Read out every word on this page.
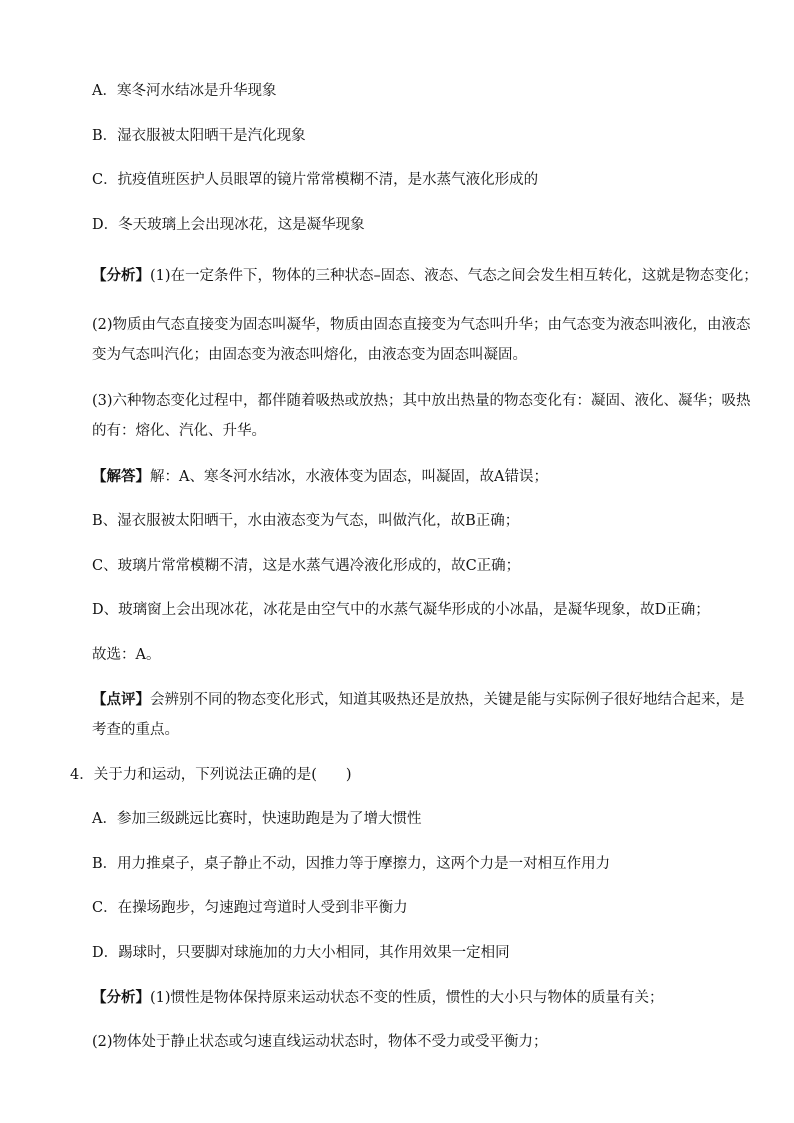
A．寒冬河水结冰是升华现象
B．湿衣服被太阳晒干是汽化现象
C．抗疫值班医护人员眼罩的镜片常常模糊不清，是水蒸气液化形成的
D．冬天玻璃上会出现冰花，这是凝华现象
【分析】(1)在一定条件下，物体的三种状态–固态、液态、气态之间会发生相互转化，这就是物态变化；
(2)物质由气态直接变为固态叫凝华，物质由固态直接变为气态叫升华；由气态变为液态叫液化，由液态
变为气态叫汽化；由固态变为液态叫熔化，由液态变为固态叫凝固。
(3)六种物态变化过程中，都伴随着吸热或放热；其中放出热量的物态变化有：凝固、液化、凝华；吸热
的有：熔化、汽化、升华。
【解答】解：A、寒冬河水结冰，水液体变为固态，叫凝固，故A错误；
B、湿衣服被太阳晒干，水由液态变为气态，叫做汽化，故B正确；
C、玻璃片常常模糊不清，这是水蒸气遇冷液化形成的，故C正确；
D、玻璃窗上会出现冰花，冰花是由空气中的水蒸气凝华形成的小冰晶，是凝华现象，故D正确；
故选：A。
【点评】会辨别不同的物态变化形式，知道其吸热还是放热，关键是能与实际例子很好地结合起来，是
考查的重点。
4．关于力和运动，下列说法正确的是(　　)
A．参加三级跳远比赛时，快速助跑是为了增大惯性
B．用力推桌子，桌子静止不动，因推力等于摩擦力，这两个力是一对相互作用力
C．在操场跑步，匀速跑过弯道时人受到非平衡力
D．踢球时，只要脚对球施加的力大小相同，其作用效果一定相同
【分析】(1)惯性是物体保持原来运动状态不变的性质，惯性的大小只与物体的质量有关；
(2)物体处于静止状态或匀速直线运动状态时，物体不受力或受平衡力；
